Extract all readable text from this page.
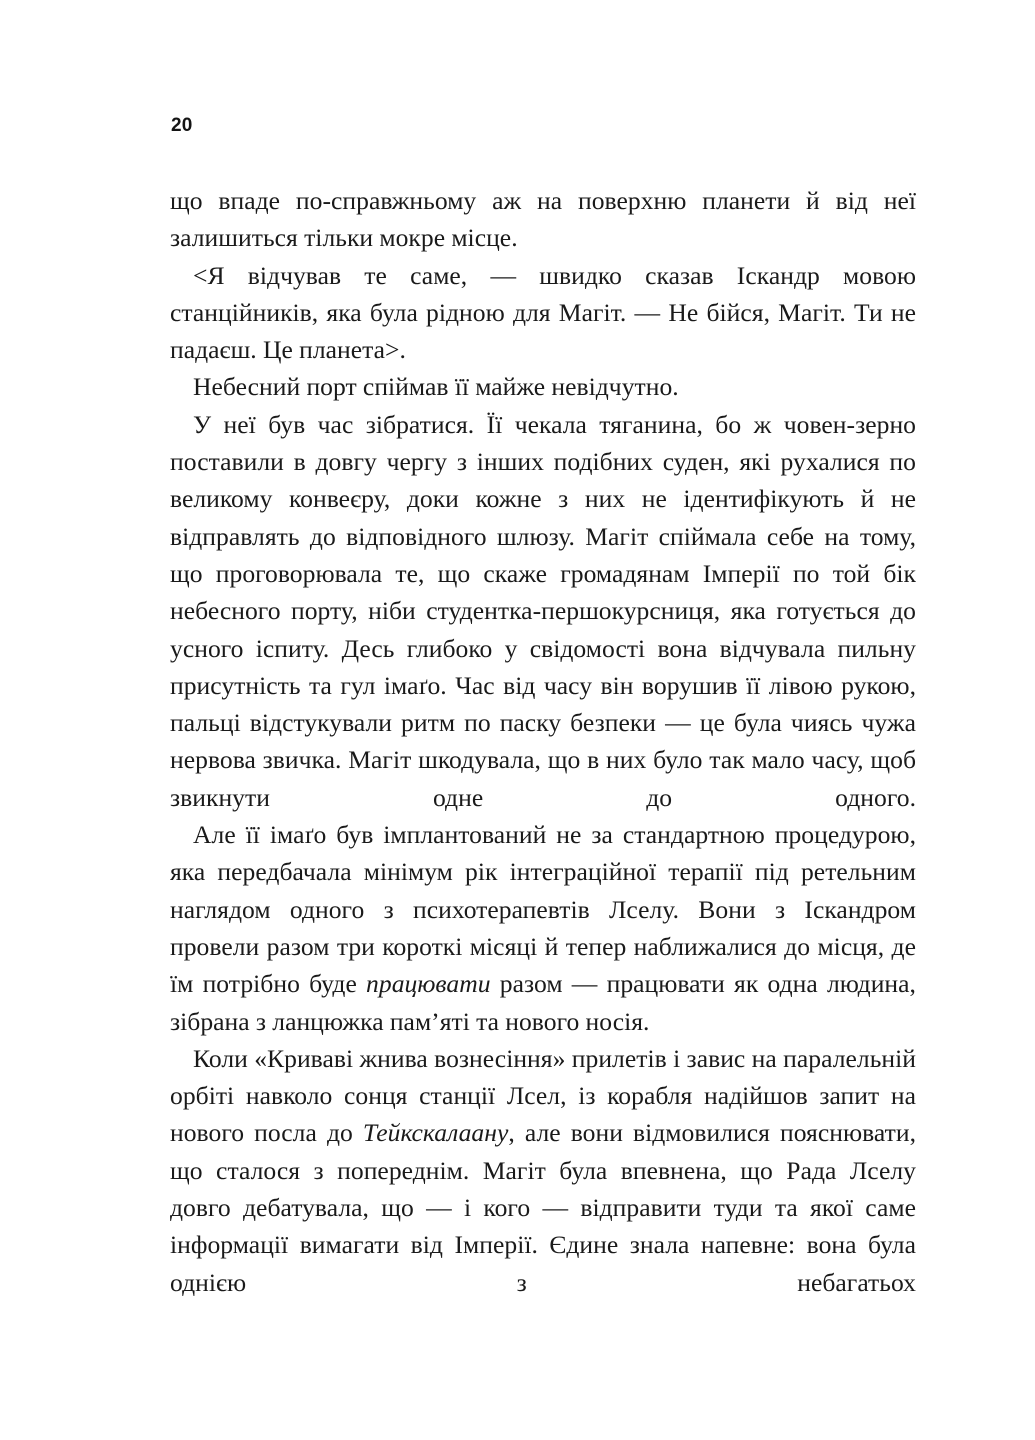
20

що впаде по-справжньому аж на поверхню планети й від неї залишиться тільки мокре місце.

<Я відчував те саме, — швидко сказав Іскандр мовою станційників, яка була рідною для Магіт. — Не бійся, Магіт. Ти не падаєш. Це планета>.

Небесний порт спіймав її майже невідчутно.

У неї був час зібратися. Її чекала тяганина, бо ж човен-зерно поставили в довгу чергу з інших подібних суден, які рухалися по великому конвеєру, доки кожне з них не ідентифікують й не відправлять до відповідного шлюзу. Магіт спіймала себе на тому, що проговорювала те, що скаже громадянам Імперії по той бік небесного порту, ніби студентка-першокурсниця, яка готується до усного іспиту. Десь глибоко у свідомості вона відчувала пильну присутність та гул імаґо. Час від часу він ворушив її лівою рукою, пальці відстукували ритм по паску безпеки — це була чиясь чужа нервова звичка. Магіт шкодувала, що в них було так мало часу, щоб звикнути одне до одного.

Але її імаґо був імплантований не за стандартною процедурою, яка передбачала мінімум рік інтеграційної терапії під ретельним наглядом одного з психотерапевтів Лселу. Вони з Іскандром провели разом три короткі місяці й тепер наближалися до місця, де їм потрібно буде працювати разом — працювати як одна людина, зібрана з ланцюжка пам’яті та нового носія.

Коли «Криваві жнива вознесіння» прилетів і завис на паралельній орбіті навколо сонця станції Лсел, із корабля надійшов запит на нового посла до Тейкскалаану, але вони відмовилися пояснювати, що сталося з попереднім. Магіт була впевнена, що Рада Лселу довго дебатувала, що — і кого — відправити туди та якої саме інформації вимагати від Імперії. Єдине знала напевне: вона була однією з небагатьох
